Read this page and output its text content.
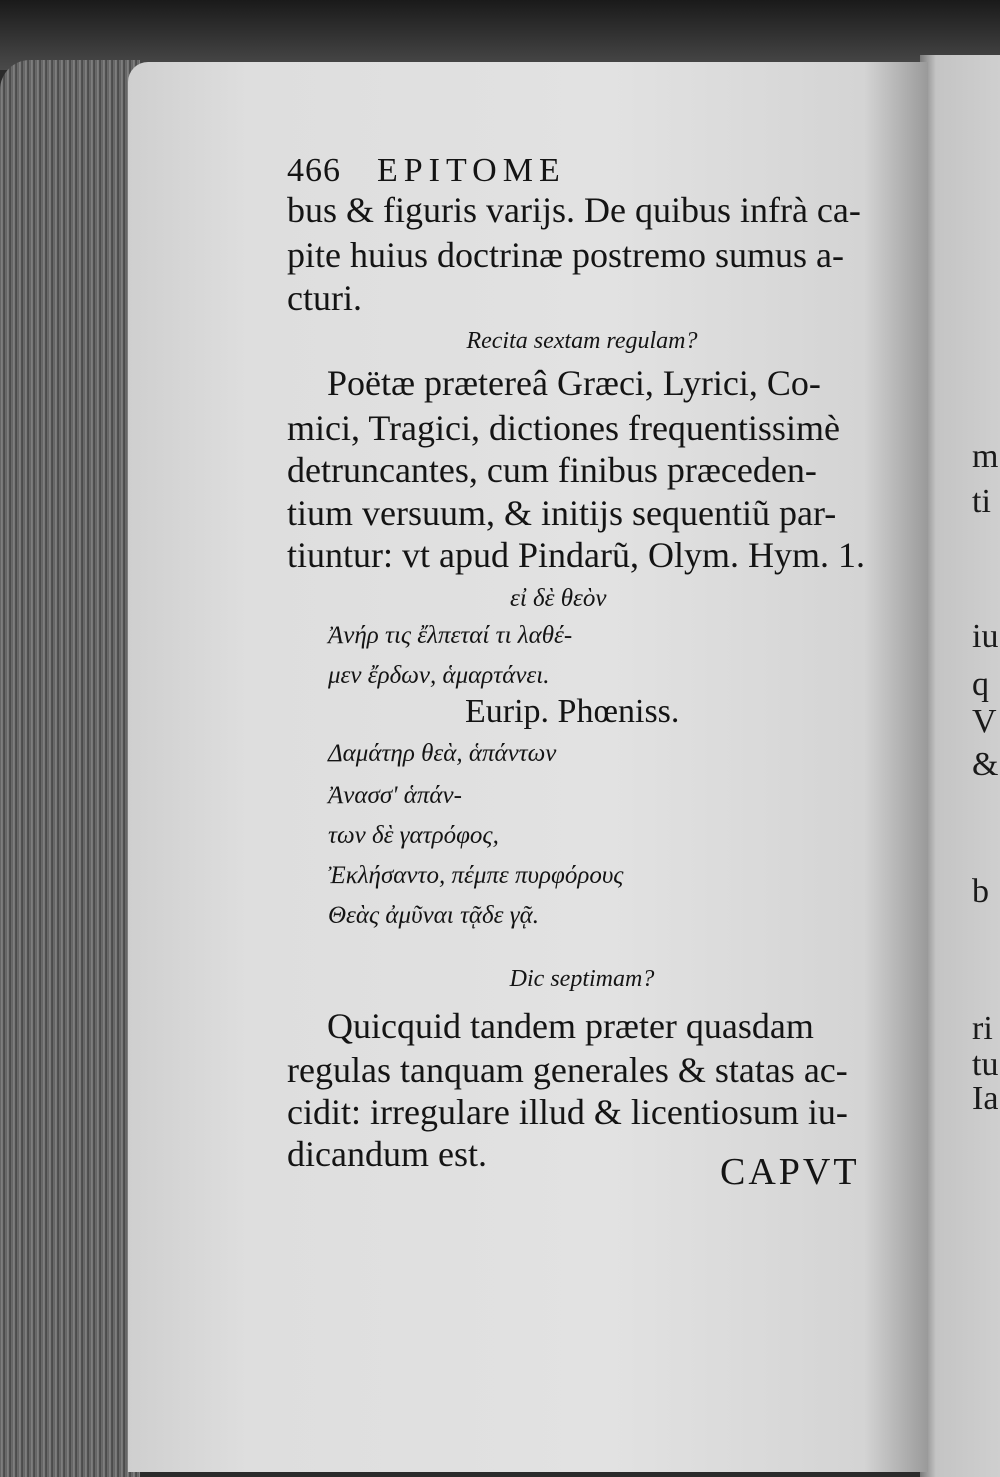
m
ti
iu
q
V
&
b
ri
tu
Ia
466 EPITOME
bus & figuris varijs. De quibus infrà ca-
pite huius doctrinæ postremo sumus a-
cturi.
Recita sextam regulam?
Poëtæ prætereâ Græci, Lyrici, Co-
mici, Tragici, dictiones frequentissimè
detruncantes, cum finibus præceden-
tium versuum, & initijs sequentiũ par-
tiuntur: vt apud Pindarũ, Olym. Hym. 1.
εἰ δὲ θεὸν
Ἀνήρ τις ἔλπεταί τι λαθέ-
μεν ἔρδων, ἁμαρτάνει.
Eurip. Phœniss.
Δαμάτηρ θεὰ, ἁπάντων
Ἀνασσ' ἁπάν-
των δὲ γατρόφος,
Ἐκλήσαντο, πέμπε πυρφόρους
Θεὰς ἀμῦναι τᾷδε γᾷ.
Dic septimam?
Quicquid tandem præter quasdam
regulas tanquam generales & statas ac-
cidit: irregulare illud & licentiosum iu-
dicandum est.	CAPVT
